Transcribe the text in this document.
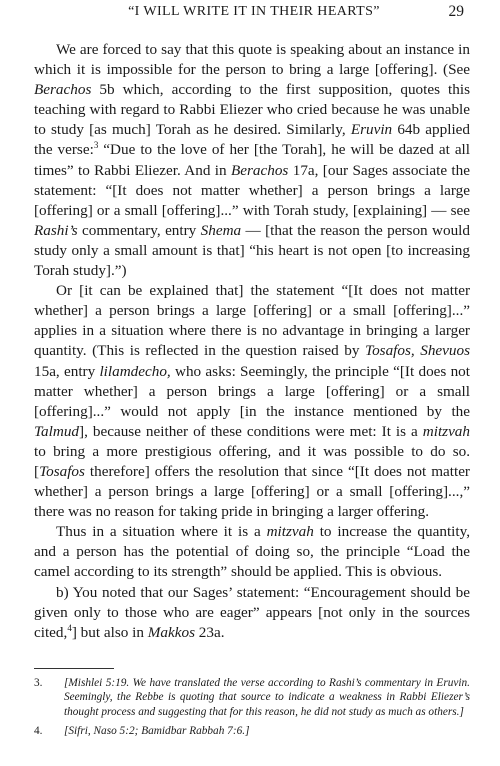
“I WILL WRITE IT IN THEIR HEARTS”	29

We are forced to say that this quote is speaking about an instance in which it is impossible for the person to bring a large [offering]. (See Berachos 5b which, according to the first supposition, quotes this teaching with regard to Rabbi Eliezer who cried because he was unable to study [as much] Torah as he desired. Similarly, Eruvin 64b applied the verse:$^3$ “Due to the love of her [the Torah], he will be dazed at all times” to Rabbi Eliezer. And in Berachos 17a, [our Sages associate the statement: “[It does not matter whether] a person brings a large [offering] or a small [offering]...” with Torah study, [explaining] — see Rashi’s commentary, entry Shema — [that the reason the person would study only a small amount is that] “his heart is not open [to increasing Torah study].”)

Or [it can be explained that] the statement “[It does not matter whether] a person brings a large [offering] or a small [offering]...” applies in a situation where there is no advantage in bringing a larger quantity. (This is reflected in the question raised by Tosafos, Shevuos 15a, entry lilamdecho, who asks: Seemingly, the principle “[It does not matter whether] a person brings a large [offering] or a small [offering]...” would not apply [in the instance mentioned by the Talmud], because neither of these conditions were met: It is a mitzvah to bring a more prestigious offering, and it was possible to do so. [Tosafos therefore] offers the resolution that since “[It does not matter whether] a person brings a large [offering] or a small [offering]...,” there was no reason for taking pride in bringing a larger offering.

Thus in a situation where it is a mitzvah to increase the quantity, and a person has the potential of doing so, the principle “Load the camel according to its strength” should be applied. This is obvious.

b) You noted that our Sages’ statement: “Encouragement should be given only to those who are eager” appears [not only in the sources cited,$^4$] but also in Makkos 23a.

3. [Mishlei 5:19. We have translated the verse according to Rashi’s commentary in Eruvin. Seemingly, the Rebbe is quoting that source to indicate a weakness in Rabbi Eliezer’s thought process and suggesting that for this reason, he did not study as much as others.]
4. [Sifri, Naso 5:2; Bamidbar Rabbah 7:6.]
